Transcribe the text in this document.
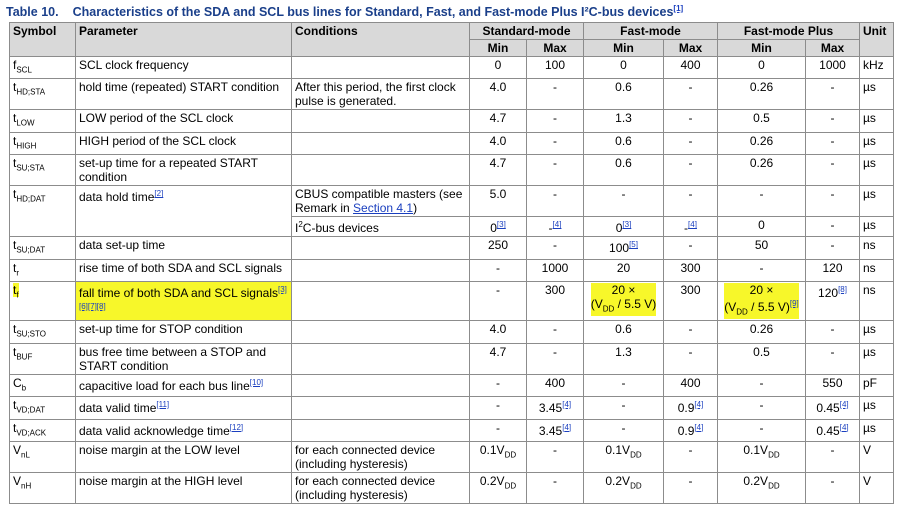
Table 10. Characteristics of the SDA and SCL bus lines for Standard, Fast, and Fast-mode Plus I²C-bus devices[1]
Symbol	Parameter	Conditions	Standard-mode		Fast-mode		Fast-mode Plus		Unit
			Min	Max	Min	Max	Min	Max	
$f_{SCL}$	SCL clock frequency		0	100	0	400	0	1000	kHz
$t_{HD;STA}$	hold time (repeated) START condition	After this period, the first clock pulse is generated.	4.0	-	0.6	-	0.26	-	µs
$t_{LOW}$	LOW period of the SCL clock		4.7	-	1.3	-	0.5	-	µs
$t_{HIGH}$	HIGH period of the SCL clock		4.0	-	0.6	-	0.26	-	µs
$t_{SU;STA}$	set-up time for a repeated START condition		4.7	-	0.6	-	0.26	-	µs
$t_{HD;DAT}$	data hold time[2]	CBUS compatible masters (see Remark in Section 4.1)	5.0	-	-	-	-	-	µs
		$I^2C$-bus devices	0[3]	-[4]	0[3]	-[4]	0	-	µs
$t_{SU;DAT}$	data set-up time		250	-	100[5]	-	50	-	ns
$t_r$	rise time of both SDA and SCL signals		-	1000	20	300	-	120	ns
$t_f$	fall time of both SDA and SCL signals[3][6][7][8]		-	300	20 ×
($V_{DD} / 5.5$ V)	300	20 ×
($V_{DD} / 5.5$ V)[9]	120[8]	ns
$t_{SU;STO}$	set-up time for STOP condition		4.0	-	0.6	-	0.26	-	µs
$t_{BUF}$	bus free time between a STOP and START condition		4.7	-	1.3	-	0.5	-	µs
$C_b$	capacitive load for each bus line[10]		-	400	-	400	-	550	pF
$t_{VD;DAT}$	data valid time[11]		-	3.45[4]	-	0.9[4]	-	0.45[4]	µs
$t_{VD;ACK}$	data valid acknowledge time[12]		-	3.45[4]	-	0.9[4]	-	0.45[4]	µs
$V_{nL}$	noise margin at the LOW level	for each connected device (including hysteresis)	$0.1V_{DD}$	-	$0.1V_{DD}$	-	$0.1V_{DD}$	-	V
$V_{nH}$	noise margin at the HIGH level	for each connected device (including hysteresis)	$0.2V_{DD}$	-	$0.2V_{DD}$	-	$0.2V_{DD}$	-	V
